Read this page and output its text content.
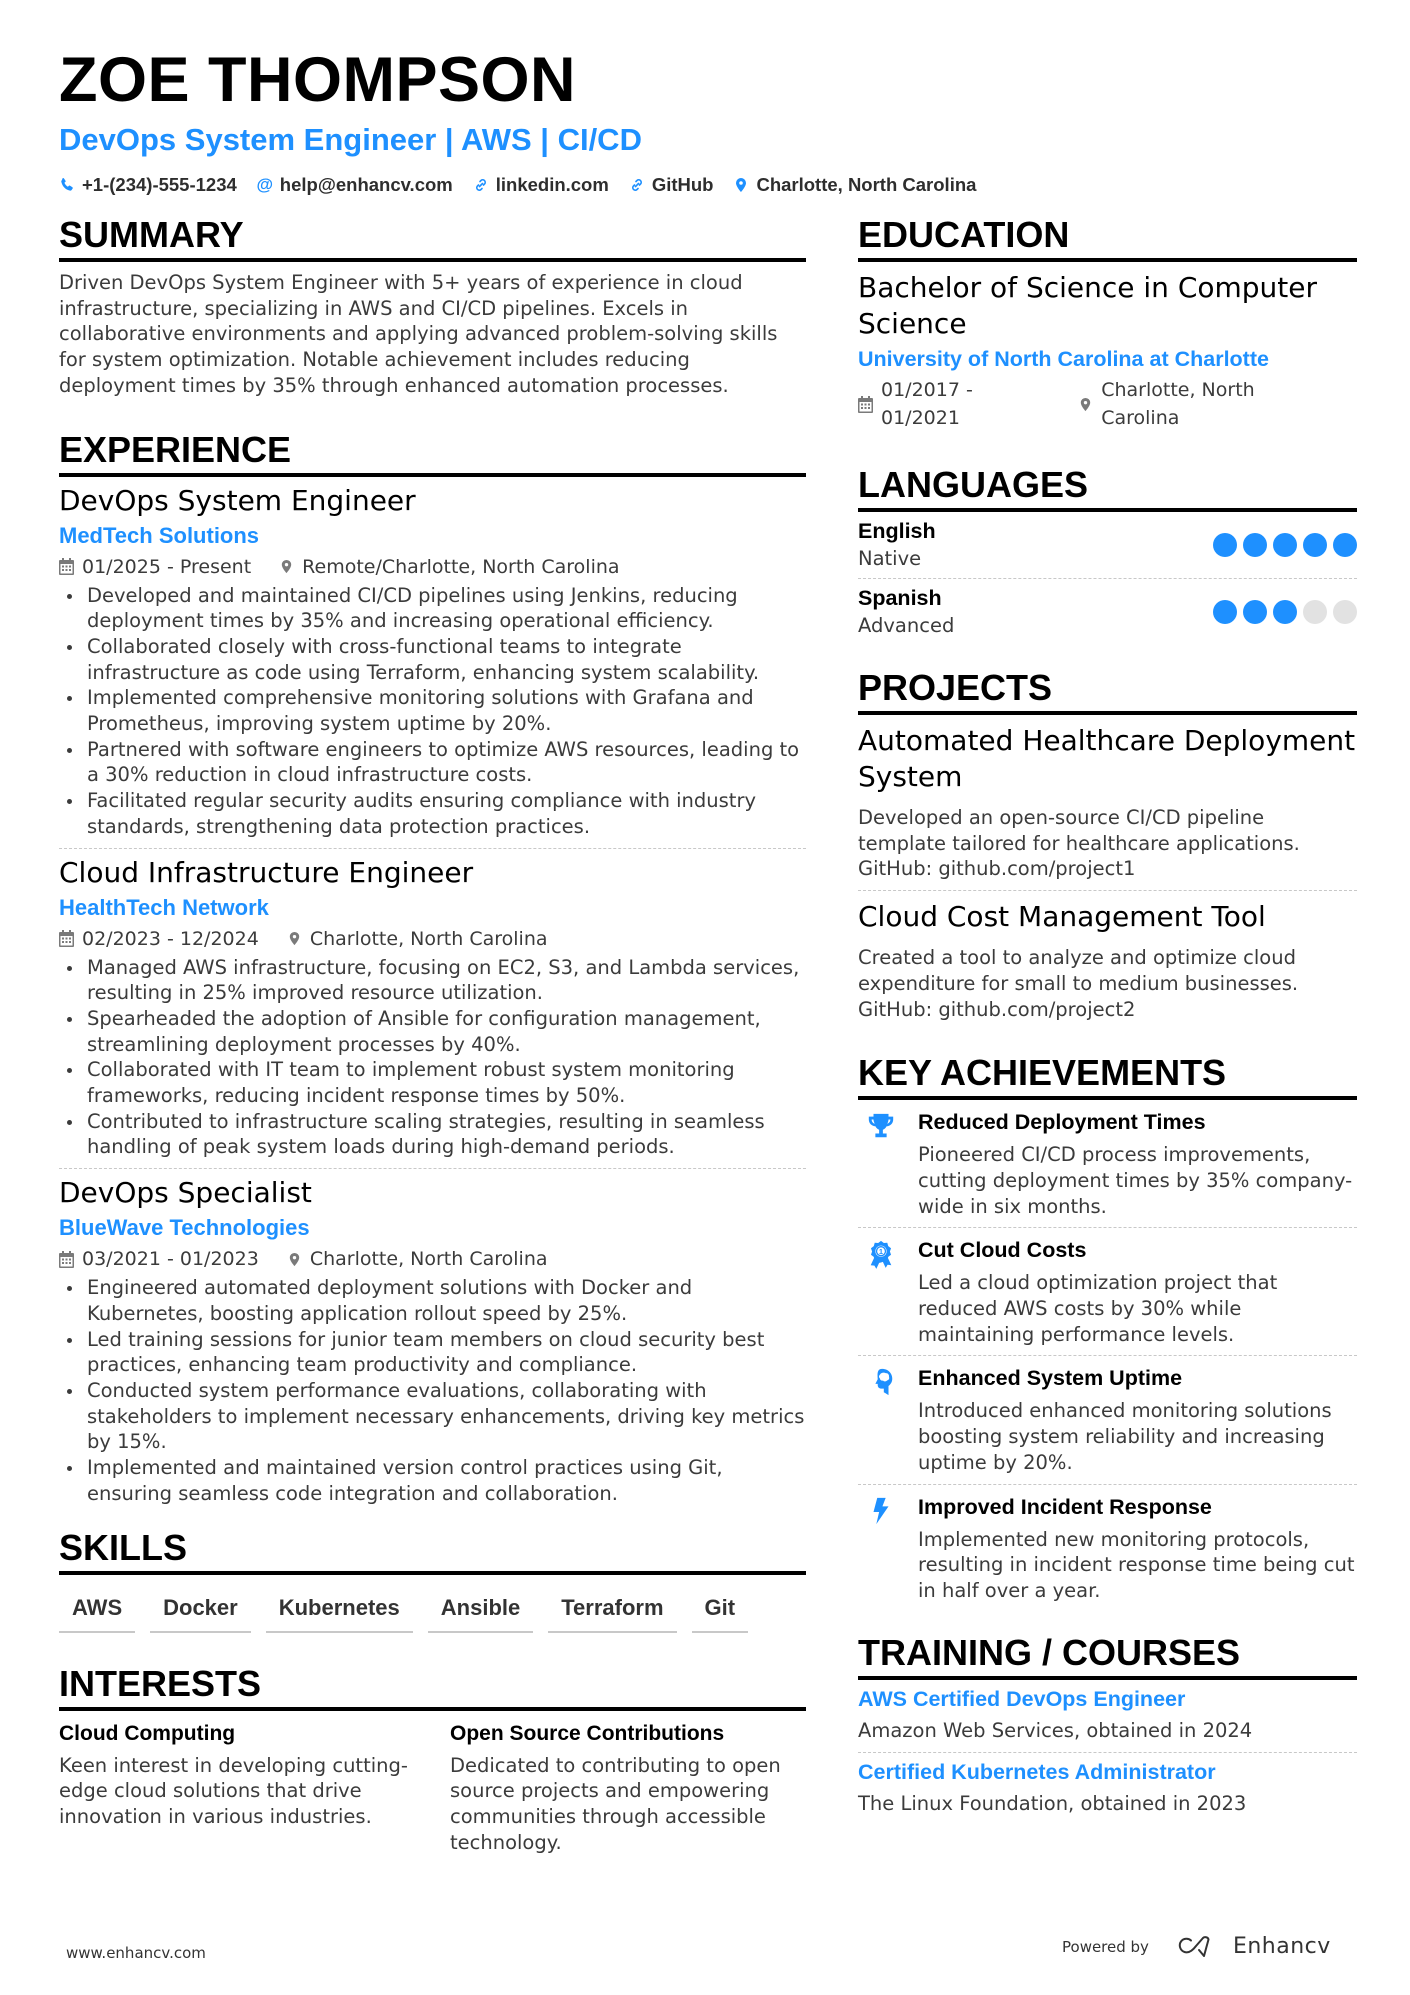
ZOE THOMPSON
DevOps System Engineer | AWS | CI/CD
+1-(234)-555-1234 @ help@enhancv.com linkedin.com GitHub Charlotte, North Carolina
SUMMARY
Driven DevOps System Engineer with 5+ years of experience in cloud infrastructure, specializing in AWS and CI/CD pipelines. Excels in collaborative environments and applying advanced problem-solving skills for system optimization. Notable achievement includes reducing deployment times by 35% through enhanced automation processes.
EXPERIENCE
DevOps System Engineer
MedTech Solutions
01/2025 - Present	Remote/Charlotte, North Carolina
Developed and maintained CI/CD pipelines using Jenkins, reducing deployment times by 35% and increasing operational efficiency.
Collaborated closely with cross-functional teams to integrate infrastructure as code using Terraform, enhancing system scalability.
Implemented comprehensive monitoring solutions with Grafana and Prometheus, improving system uptime by 20%.
Partnered with software engineers to optimize AWS resources, leading to a 30% reduction in cloud infrastructure costs.
Facilitated regular security audits ensuring compliance with industry standards, strengthening data protection practices.
Cloud Infrastructure Engineer
HealthTech Network
02/2023 - 12/2024	Charlotte, North Carolina
Managed AWS infrastructure, focusing on EC2, S3, and Lambda services, resulting in 25% improved resource utilization.
Spearheaded the adoption of Ansible for configuration management, streamlining deployment processes by 40%.
Collaborated with IT team to implement robust system monitoring frameworks, reducing incident response times by 50%.
Contributed to infrastructure scaling strategies, resulting in seamless handling of peak system loads during high-demand periods.
DevOps Specialist
BlueWave Technologies
03/2021 - 01/2023	Charlotte, North Carolina
Engineered automated deployment solutions with Docker and Kubernetes, boosting application rollout speed by 25%.
Led training sessions for junior team members on cloud security best practices, enhancing team productivity and compliance.
Conducted system performance evaluations, collaborating with stakeholders to implement necessary enhancements, driving key metrics by 15%.
Implemented and maintained version control practices using Git, ensuring seamless code integration and collaboration.
SKILLS
AWS	Docker	Kubernetes	Ansible	Terraform	Git
INTERESTS
Cloud Computing
Keen interest in developing cutting-edge cloud solutions that drive innovation in various industries.
Open Source Contributions
Dedicated to contributing to open source projects and empowering communities through accessible technology.
EDUCATION
Bachelor of Science in Computer Science
University of North Carolina at Charlotte
01/2017 - 01/2021
Charlotte, North Carolina
LANGUAGES
English
Native
Spanish
Advanced
PROJECTS
Automated Healthcare Deployment System
Developed an open-source CI/CD pipeline template tailored for healthcare applications. GitHub: github.com/project1
Cloud Cost Management Tool
Created a tool to analyze and optimize cloud expenditure for small to medium businesses. GitHub: github.com/project2
KEY ACHIEVEMENTS
Reduced Deployment Times
Pioneered CI/CD process improvements, cutting deployment times by 35% company-wide in six months.
1 Cut Cloud Costs
Led a cloud optimization project that reduced AWS costs by 30% while maintaining performance levels.
Enhanced System Uptime
Introduced enhanced monitoring solutions boosting system reliability and increasing uptime by 20%.
Improved Incident Response
Implemented new monitoring protocols, resulting in incident response time being cut in half over a year.
TRAINING / COURSES
AWS Certified DevOps Engineer
Amazon Web Services, obtained in 2024
Certified Kubernetes Administrator
The Linux Foundation, obtained in 2023
www.enhancv.com	Powered by	Enhancv
